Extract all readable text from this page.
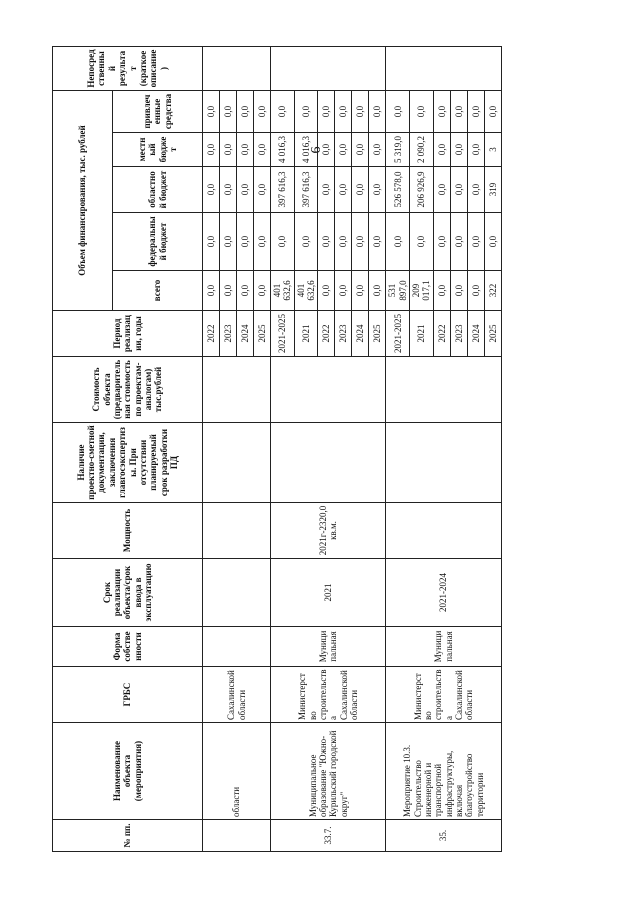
6
№ пп.	Наименование объекта (мероприятия)	ГРБС	Форма собственности	Срок реализации объекта/срок ввода в эксплуатацию	Мощность	Наличие проектно-сметной документации, заключения главгосэкспертизы. При отсутствии планируемый срок разработки ПД	Стоимость объекта (предварительная стоимость по проектам-аналогам) тыс.рублей	Период реализации, годы	Объем финансирования, тыс. рублей					Непосредственный результат (краткое описание)
									всего	федеральный бюджет	областной бюджет	местный бюджет	привлеченные средства	
	области	Сахалинской области						2022	0,0	0,0	0,0	0,0	0,0	
								2023	0,0	0,0	0,0	0,0	0,0	
								2024	0,0	0,0	0,0	0,0	0,0	
								2025	0,0	0,0	0,0	0,0	0,0	
33.7.	Муниципальное образование "Южно-Курильский городской округ"	Министерство строительства Сахалинской области	Муниципальная	2021	2021г-2320,0 кв.м.			2021-2025	401 632,6	0,0	397 616,3	4 016,3	0,0	
								2021	401 632,6	0,0	397 616,3	4 016,3	0,0	
								2022	0,0	0,0	0,0	0,0	0,0	
								2023	0,0	0,0	0,0	0,0	0,0	
								2024	0,0	0,0	0,0	0,0	0,0	
								2025	0,0	0,0	0,0	0,0	0,0	
35.	Мероприятие 10.3. Строительство инженерной и транспортной инфраструктуры, включая благоустройство территории	Министерство строительства Сахалинской области	Муниципальная	2021-2024				2021-2025	531 897,0	0,0	526 578,0	5 319,0	0,0	
								2021	209 017,1	0,0	206 926,9	2 090,2	0,0	
								2022	0,0	0,0	0,0	0,0	0,0	
								2023	0,0	0,0	0,0	0,0	0,0	
								2024	0,0	0,0	0,0	0,0	0,0	
								2025	322	0,0	319	3	0,0	
